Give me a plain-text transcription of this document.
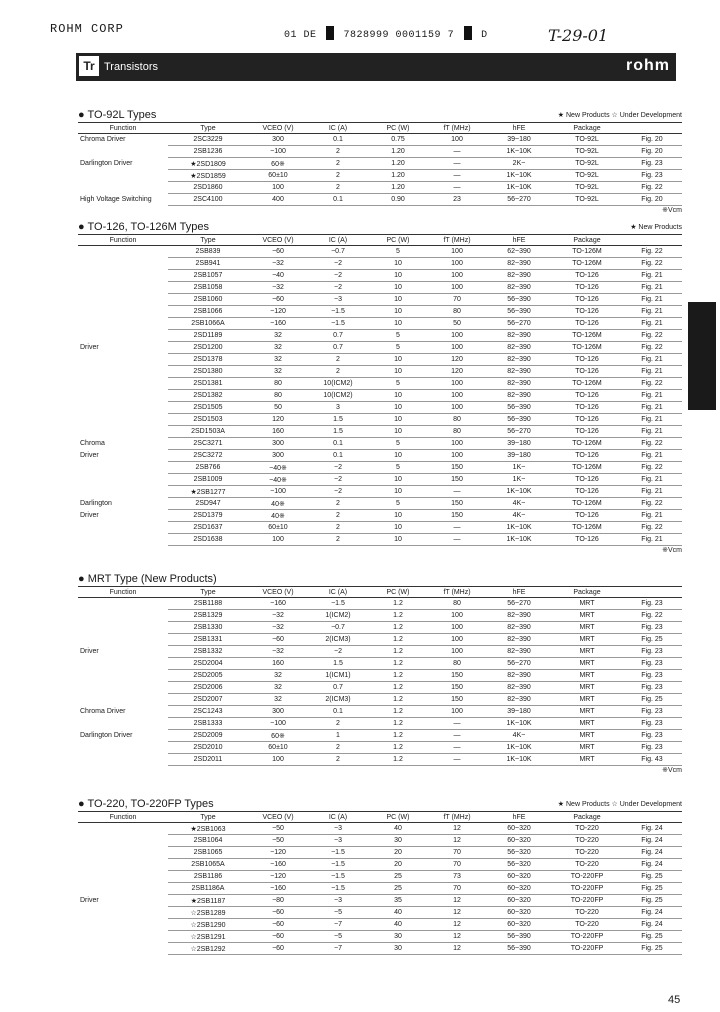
ROHM CORP	01 DE	7828999 0001159 7	D	T-29-01
Tr Transistors	rohm
● TO-92L Types	★ New Products ☆ Under Development
Function	Type	VCEO (V)	IC (A)	PC (W)	fT (MHz)	hFE	Package	
Chroma Driver	2SC3229	300	0.1	0.75	100	39~180	TO-92L	Fig. 20
	2SB1236	−100	2	1.20	—	1K~10K	TO-92L	Fig. 20
Darlington Driver	★2SD1809	60※	2	1.20	—	2K~	TO-92L	Fig. 23
	★2SD1859	60±10	2	1.20	—	1K~10K	TO-92L	Fig. 23
	2SD1860	100	2	1.20	—	1K~10K	TO-92L	Fig. 22
High Voltage Switching	2SC4100	400	0.1	0.90	23	56~270	TO-92L	Fig. 20
※Vcm
● TO-126, TO-126M Types	★ New Products
Function	Type	VCEO (V)	IC (A)	PC (W)	fT (MHz)	hFE	Package	
	2SB839	−60	−0.7	5	100	62~390	TO-126M	Fig. 22
	2SB941	−32	−2	10	100	82~390	TO-126M	Fig. 22
	2SB1057	−40	−2	10	100	82~390	TO-126	Fig. 21
	2SB1058	−32	−2	10	100	82~390	TO-126	Fig. 21
	2SB1060	−60	−3	10	70	56~390	TO-126	Fig. 21
	2SB1066	−120	−1.5	10	80	56~390	TO-126	Fig. 21
	2SB1066A	−160	−1.5	10	50	56~270	TO-126	Fig. 21
	2SD1189	32	0.7	5	100	82~390	TO-126M	Fig. 22
Driver	2SD1200	32	0.7	5	100	82~390	TO-126M	Fig. 22
	2SD1378	32	2	10	120	82~390	TO-126	Fig. 21
	2SD1380	32	2	10	120	82~390	TO-126	Fig. 21
	2SD1381	80	10(ICM2)	5	100	82~390	TO-126M	Fig. 22
	2SD1382	80	10(ICM2)	10	100	82~390	TO-126	Fig. 21
	2SD1505	50	3	10	100	56~390	TO-126	Fig. 21
	2SD1503	120	1.5	10	80	56~390	TO-126	Fig. 21
	2SD1503A	160	1.5	10	80	56~270	TO-126	Fig. 21
Chroma	2SC3271	300	0.1	5	100	39~180	TO-126M	Fig. 22
Driver	2SC3272	300	0.1	10	100	39~180	TO-126	Fig. 21
	2SB766	−40※	−2	5	150	1K~	TO-126M	Fig. 22
	2SB1009	−40※	−2	10	150	1K~	TO-126	Fig. 21
	★2SB1277	−100	−2	10	—	1K~10K	TO-126	Fig. 21
Darlington	2SD947	40※	2	5	150	4K~	TO-126M	Fig. 22
Driver	2SD1379	40※	2	10	150	4K~	TO-126	Fig. 21
	2SD1637	60±10	2	10	—	1K~10K	TO-126M	Fig. 22
	2SD1638	100	2	10	—	1K~10K	TO-126	Fig. 21
※Vcm
● MRT Type (New Products)
Function	Type	VCEO (V)	IC (A)	PC (W)	fT (MHz)	hFE	Package	
	2SB1188	−160	−1.5	1.2	80	56~270	MRT	Fig. 23
	2SB1329	−32	1(ICM2)	1.2	100	82~390	MRT	Fig. 22
	2SB1330	−32	−0.7	1.2	100	82~390	MRT	Fig. 23
	2SB1331	−60	2(ICM3)	1.2	100	82~390	MRT	Fig. 25
Driver	2SB1332	−32	−2	1.2	100	82~390	MRT	Fig. 23
	2SD2004	160	1.5	1.2	80	56~270	MRT	Fig. 23
	2SD2005	32	1(ICM1)	1.2	150	82~390	MRT	Fig. 23
	2SD2006	32	0.7	1.2	150	82~390	MRT	Fig. 23
	2SD2007	32	2(ICM3)	1.2	150	82~390	MRT	Fig. 25
Chroma Driver	2SC1243	300	0.1	1.2	100	39~180	MRT	Fig. 23
	2SB1333	−100	2	1.2	—	1K~10K	MRT	Fig. 23
Darlington Driver	2SD2009	60※	1	1.2	—	4K~	MRT	Fig. 23
	2SD2010	60±10	2	1.2	—	1K~10K	MRT	Fig. 23
	2SD2011	100	2	1.2	—	1K~10K	MRT	Fig. 43
※Vcm
● TO-220, TO-220FP Types	★ New Products ☆ Under Development
Function	Type	VCEO (V)	IC (A)	PC (W)	fT (MHz)	hFE	Package	
	★2SB1063	−50	−3	40	12	60~320	TO-220	Fig. 24
	2SB1064	−50	−3	30	12	60~320	TO-220	Fig. 24
	2SB1065	−120	−1.5	20	70	56~320	TO-220	Fig. 24
	2SB1065A	−160	−1.5	20	70	56~320	TO-220	Fig. 24
	2SB1186	−120	−1.5	25	73	60~320	TO-220FP	Fig. 25
	2SB1186A	−160	−1.5	25	70	60~320	TO-220FP	Fig. 25
Driver	★2SB1187	−80	−3	35	12	60~320	TO-220FP	Fig. 25
	☆2SB1289	−60	−5	40	12	60~320	TO-220	Fig. 24
	☆2SB1290	−60	−7	40	12	60~320	TO-220	Fig. 24
	☆2SB1291	−60	−5	30	12	56~390	TO-220FP	Fig. 25
	☆2SB1292	−60	−7	30	12	56~390	TO-220FP	Fig. 25
45
